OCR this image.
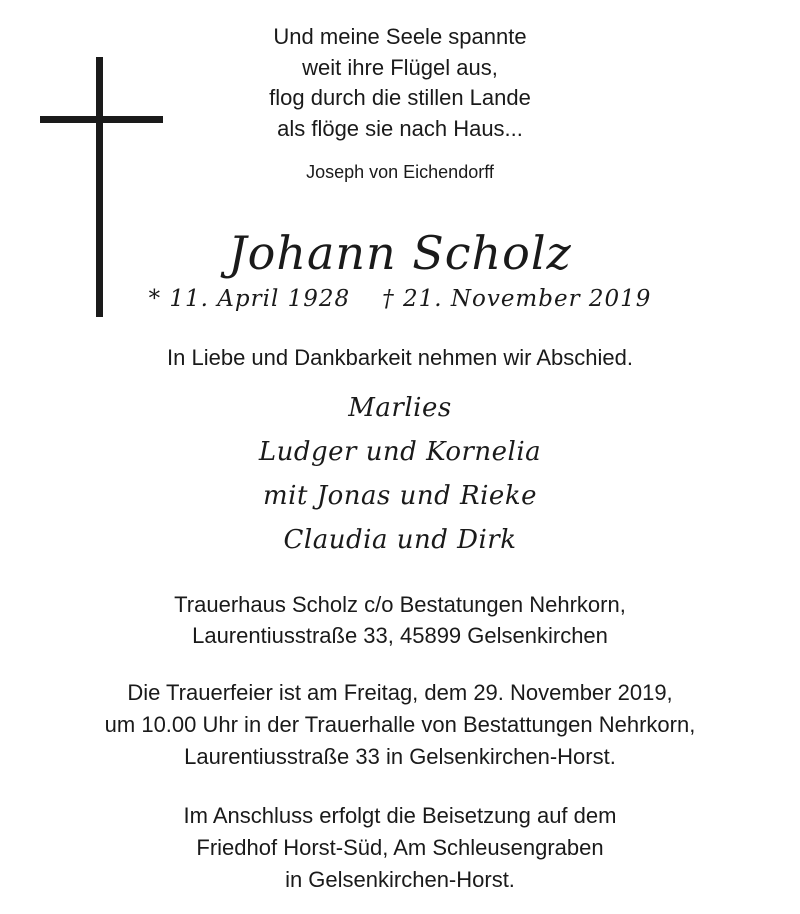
Und meine Seele spannte
weit ihre Flügel aus,
flog durch die stillen Lande
als flöge sie nach Haus...
Joseph von Eichendorff
Johann Scholz
* 11. April 1928 † 21. November 2019
In Liebe und Dankbarkeit nehmen wir Abschied.
Marlies
Ludger und Kornelia
mit Jonas und Rieke
Claudia und Dirk
Trauerhaus Scholz c/o Bestatungen Nehrkorn,
Laurentiusstraße 33, 45899 Gelsenkirchen
Die Trauerfeier ist am Freitag, dem 29. November 2019,
um 10.00 Uhr in der Trauerhalle von Bestattungen Nehrkorn,
Laurentiusstraße 33 in Gelsenkirchen-Horst.
Im Anschluss erfolgt die Beisetzung auf dem
Friedhof Horst-Süd, Am Schleusengraben
in Gelsenkirchen-Horst.
